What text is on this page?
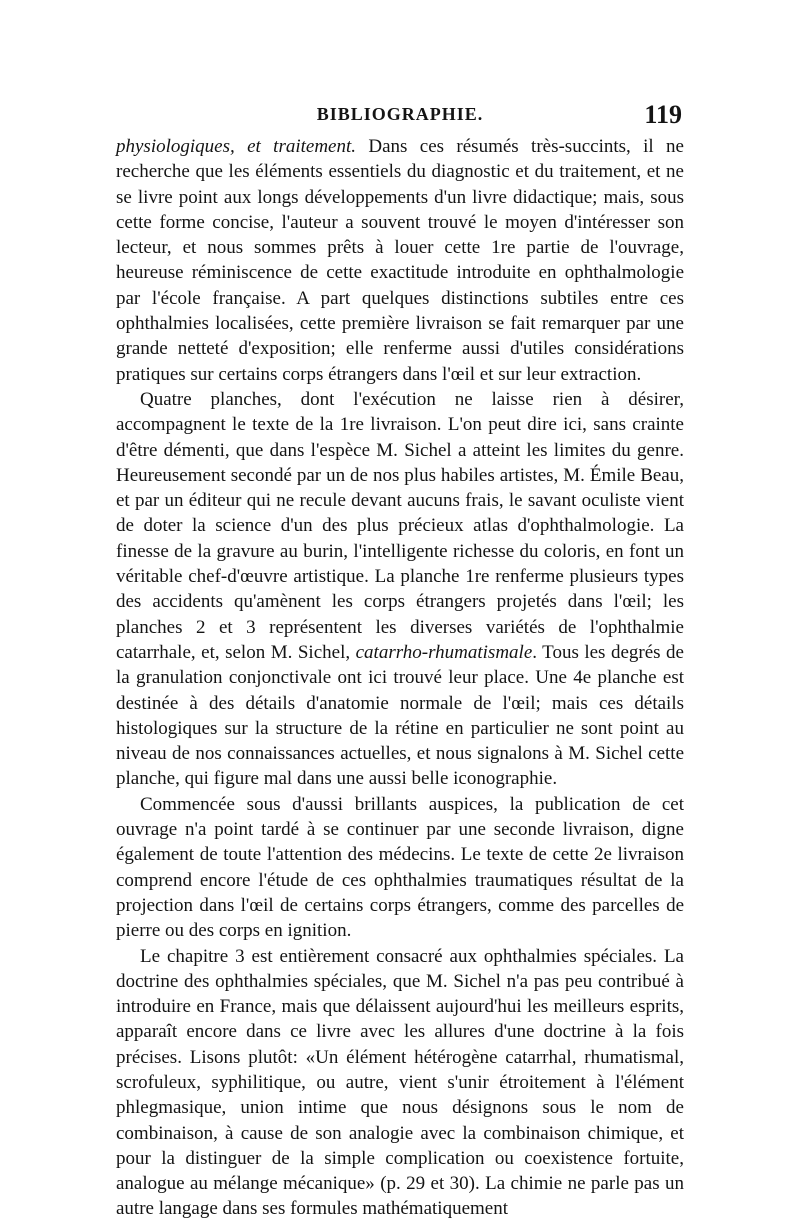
BIBLIOGRAPHIE.	119

physiologiques, et traitement. Dans ces résumés très-succints, il ne recherche que les éléments essentiels du diagnostic et du traitement, et ne se livre point aux longs développements d'un livre didactique; mais, sous cette forme concise, l'auteur a souvent trouvé le moyen d'intéresser son lecteur, et nous sommes prêts à louer cette 1re partie de l'ouvrage, heureuse réminiscence de cette exactitude introduite en ophthalmologie par l'école française. A part quelques distinctions subtiles entre ces ophthalmies localisées, cette première livraison se fait remarquer par une grande netteté d'exposition; elle renferme aussi d'utiles considérations pratiques sur certains corps étrangers dans l'œil et sur leur extraction.

Quatre planches, dont l'exécution ne laisse rien à désirer, accompagnent le texte de la 1re livraison. L'on peut dire ici, sans crainte d'être démenti, que dans l'espèce M. Sichel a atteint les limites du genre. Heureusement secondé par un de nos plus habiles artistes, M. Émile Beau, et par un éditeur qui ne recule devant aucuns frais, le savant oculiste vient de doter la science d'un des plus précieux atlas d'ophthalmologie. La finesse de la gravure au burin, l'intelligente richesse du coloris, en font un véritable chef-d'œuvre artistique. La planche 1re renferme plusieurs types des accidents qu'amènent les corps étrangers projetés dans l'œil; les planches 2 et 3 représentent les diverses variétés de l'ophthalmie catarrhale, et, selon M. Sichel, catarrho-rhumatismale. Tous les degrés de la granulation conjonctivale ont ici trouvé leur place. Une 4e planche est destinée à des détails d'anatomie normale de l'œil; mais ces détails histologiques sur la structure de la rétine en particulier ne sont point au niveau de nos connaissances actuelles, et nous signalons à M. Sichel cette planche, qui figure mal dans une aussi belle iconographie.

Commencée sous d'aussi brillants auspices, la publication de cet ouvrage n'a point tardé à se continuer par une seconde livraison, digne également de toute l'attention des médecins. Le texte de cette 2e livraison comprend encore l'étude de ces ophthalmies traumatiques résultat de la projection dans l'œil de certains corps étrangers, comme des parcelles de pierre ou des corps en ignition.

Le chapitre 3 est entièrement consacré aux ophthalmies spéciales. La doctrine des ophthalmies spéciales, que M. Sichel n'a pas peu contribué à introduire en France, mais que délaissent aujourd'hui les meilleurs esprits, apparaît encore dans ce livre avec les allures d'une doctrine à la fois précises. Lisons plutôt: «Un élément hétérogène catarrhal, rhumatismal, scrofuleux, syphilitique, ou autre, vient s'unir étroitement à l'élément phlegmasique, union intime que nous désignons sous le nom de combinaison, à cause de son analogie avec la combinaison chimique, et pour la distinguer de la simple complication ou coexistence fortuite, analogue au mélange mécanique» (p. 29 et 30). La chimie ne parle pas un autre langage dans ses formules mathématiquement
